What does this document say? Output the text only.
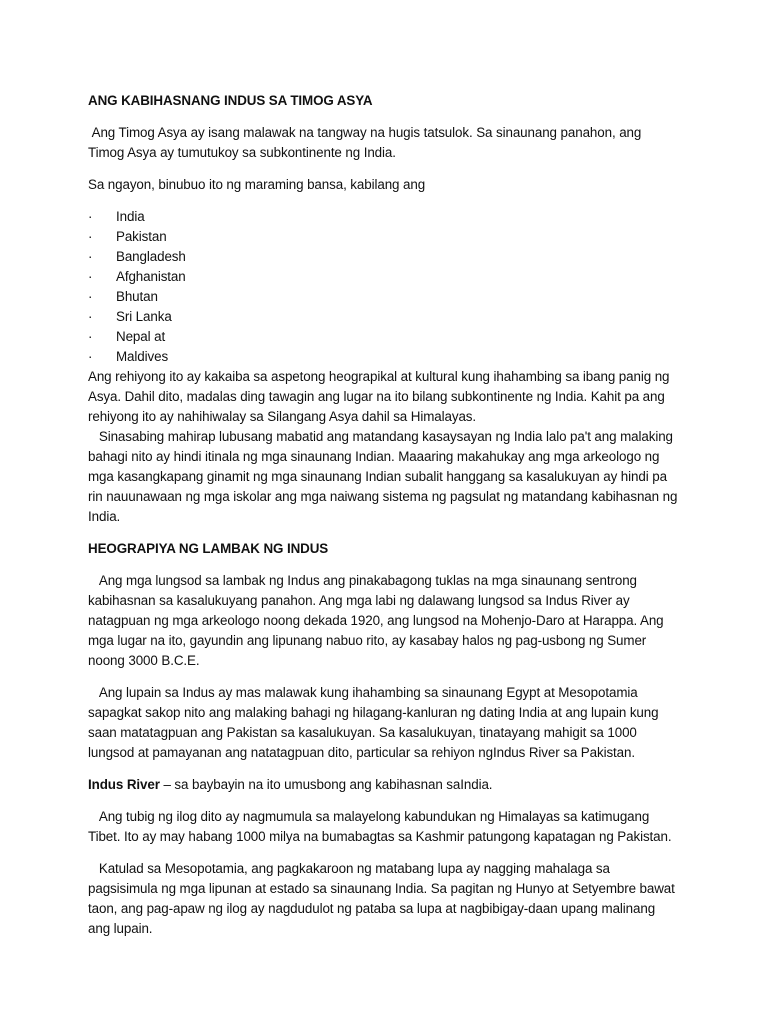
ANG KABIHASNANG INDUS SA TIMOG ASYA

Ang Timog Asya ay isang malawak na tangway na hugis tatsulok. Sa sinaunang panahon, ang Timog Asya ay tumutukoy sa subkontinente ng India.

Sa ngayon, binubuo ito ng maraming bansa, kabilang ang

·	India
·	Pakistan
·	Bangladesh
·	Afghanistan
·	Bhutan
·	Sri Lanka
·	Nepal at
·	Maldives

Ang rehiyong ito ay kakaiba sa aspetong heograpikal at kultural kung ihahambing sa ibang panig ng Asya. Dahil dito, madalas ding tawagin ang lugar na ito bilang subkontinente ng India. Kahit pa ang rehiyong ito ay nahihiwalay sa Silangang Asya dahil sa Himalayas.

Sinasabing mahirap lubusang mabatid ang matandang kasaysayan ng India lalo pa't ang malaking bahagi nito ay hindi itinala ng mga sinaunang Indian. Maaaring makahukay ang mga arkeologo ng mga kasangkapang ginamit ng mga sinaunang Indian subalit hanggang sa kasalukuyan ay hindi pa rin nauunawaan ng mga iskolar ang mga naiwang sistema ng pagsulat ng matandang kabihasnan ng India.

HEOGRAPIYA NG LAMBAK NG INDUS

Ang mga lungsod sa lambak ng Indus ang pinakabagong tuklas na mga sinaunang sentrong kabihasnan sa kasalukuyang panahon. Ang mga labi ng dalawang lungsod sa Indus River ay natagpuan ng mga arkeologo noong dekada 1920, ang lungsod na Mohenjo-Daro at Harappa. Ang mga lugar na ito, gayundin ang lipunang nabuo rito, ay kasabay halos ng pag-usbong ng Sumer noong 3000 B.C.E.

Ang lupain sa Indus ay mas malawak kung ihahambing sa sinaunang Egypt at Mesopotamia sapagkat sakop nito ang malaking bahagi ng hilagang-kanluran ng dating India at ang lupain kung saan matatagpuan ang Pakistan sa kasalukuyan. Sa kasalukuyan, tinatayang mahigit sa 1000 lungsod at pamayanan ang natatagpuan dito, particular sa rehiyon ngIndus River sa Pakistan.

Indus River – sa baybayin na ito umusbong ang kabihasnan saIndia.

Ang tubig ng ilog dito ay nagmumula sa malayelong kabundukan ng Himalayas sa katimugang Tibet. Ito ay may habang 1000 milya na bumabagtas sa Kashmir patungong kapatagan ng Pakistan.

Katulad sa Mesopotamia, ang pagkakaroon ng matabang lupa ay nagging mahalaga sa pagsisimula ng mga lipunan at estado sa sinaunang India. Sa pagitan ng Hunyo at Setyembre bawat taon, ang pag-apaw ng ilog ay nagdudulot ng pataba sa lupa at nagbibigay-daan upang malinang ang lupain.
